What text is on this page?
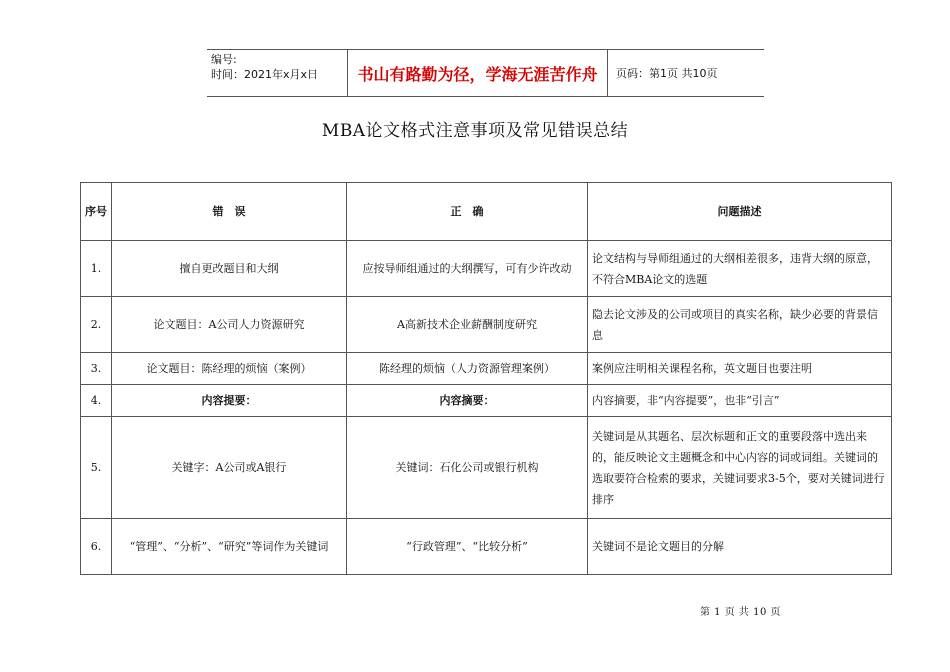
编号:
时间：2021年x月x日	书山有路勤为径，学海无涯苦作舟	页码：第1页 共10页
MBA论文格式注意事项及常见错误总结
序号	错　误	正　确	问题描述
1.	擅自更改题目和大纲	应按导师组通过的大纲撰写，可有少许改动	论文结构与导师组通过的大纲相差很多，违背大纲的原意，不符合MBA论文的选题
2.	论文题目：A公司人力资源研究	A高新技术企业薪酬制度研究	隐去论文涉及的公司或项目的真实名称，缺少必要的背景信息
3.	论文题目：陈经理的烦恼（案例）	陈经理的烦恼（人力资源管理案例）	案例应注明相关课程名称，英文题目也要注明
4.	内容提要：	内容摘要：	内容摘要，非“内容提要”，也非“引言”
5.	关键字：A公司或A银行	关键词：石化公司或银行机构	关键词是从其题名、层次标题和正文的重要段落中选出来的，能反映论文主题概念和中心内容的词或词组。关键词的选取要符合检索的要求，关键词要求3-5个，要对关键词进行排序
6.	“管理”、“分析”、“研究”等词作为关键词	“行政管理”、“比较分析”	关键词不是论文题目的分解
第 1 页 共 10 页
